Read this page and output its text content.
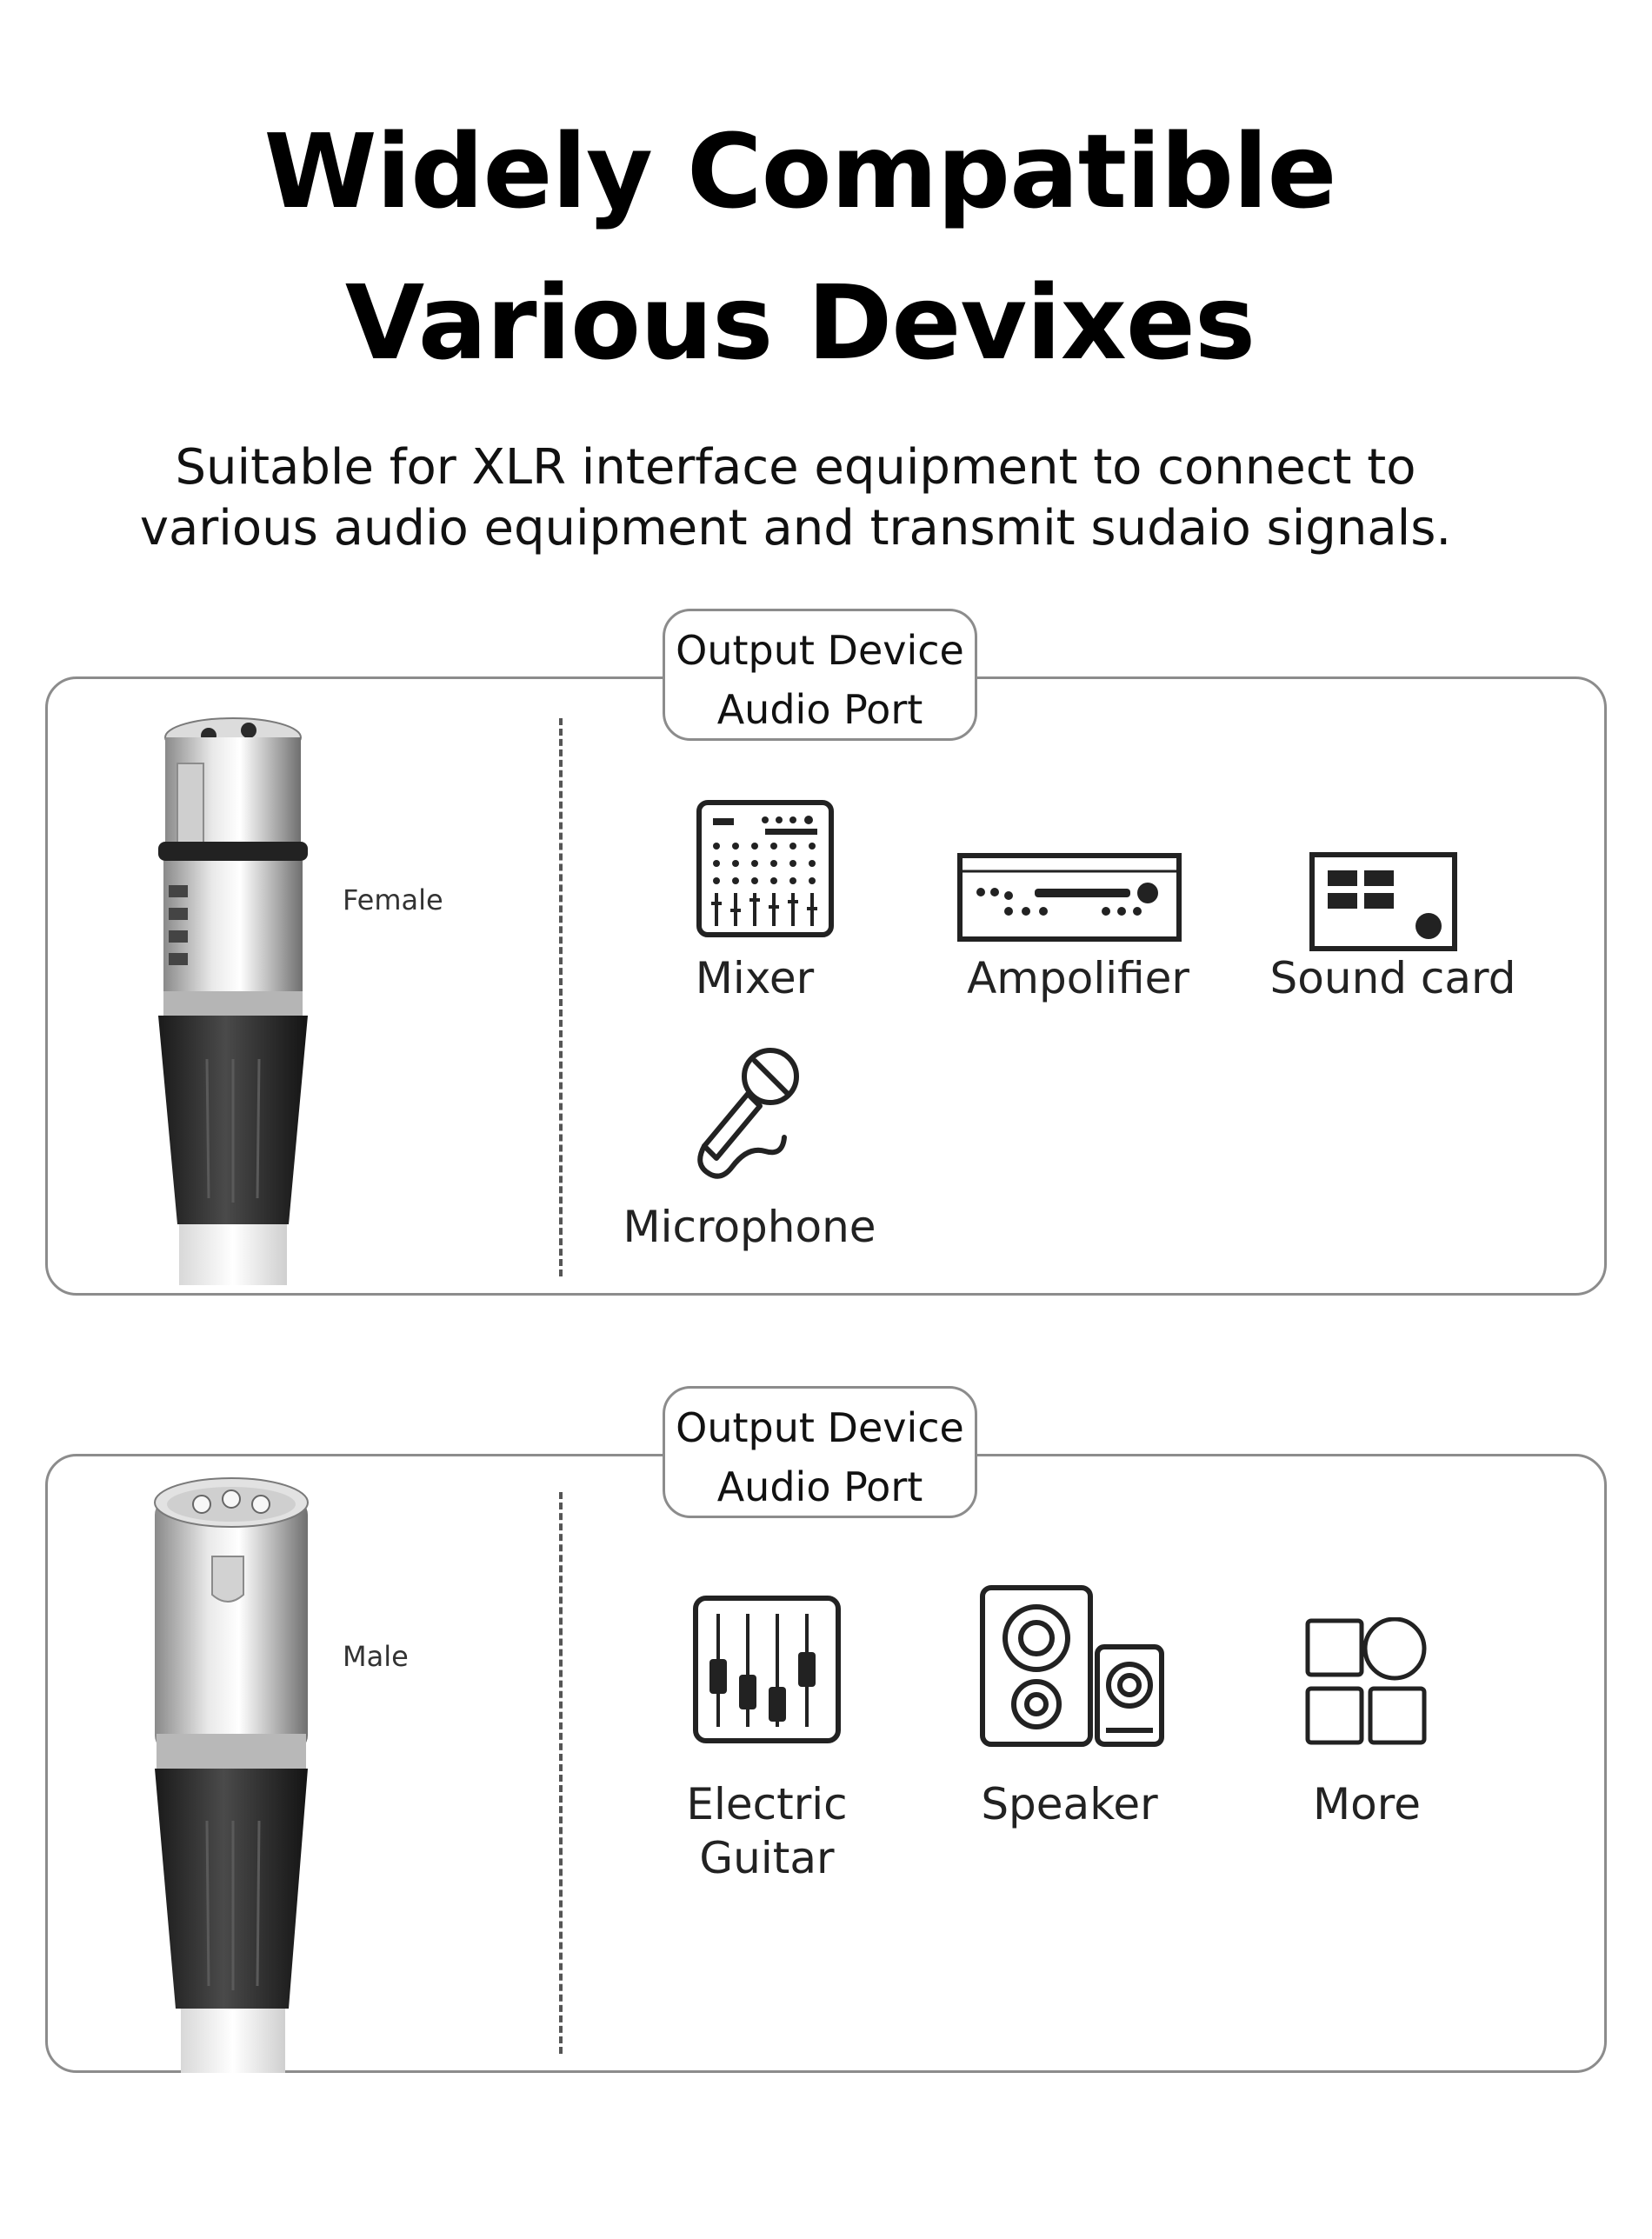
Widely Compatible
Various Devixes
Suitable for XLR interface equipment to connect to
various audio equipment and transmit sudaio signals.
Output Device
Audio Port
Female
Mixer	Ampolifier Sound card
Microphone
Output Device
Audio Port
Male
Electric
Guitar
Speaker	More
